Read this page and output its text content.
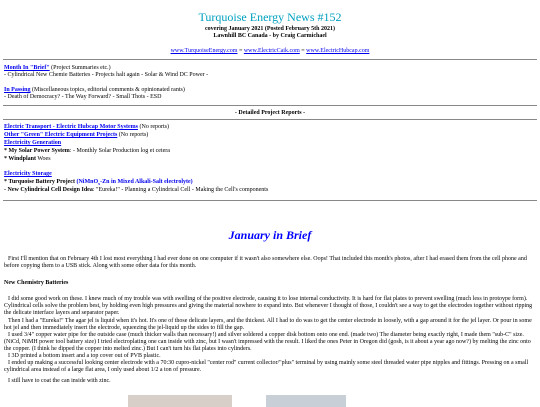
Turquoise Energy News #152
covering January 2021 (Posted February 5th 2021)
Lawnhill BC Canada - by Craig Carmichael
www.TurquoiseEnergy.com = www.ElectricCaik.com = www.ElectricHubcap.com
Month In "Brief" (Project Summaries etc.)
- Cylindrical New Chemie Batteries - Projects halt again - Solar & Wind DC Power -
In Passing (Miscellaneous topics, editorial comments & opinionated rants)
- Death of Democracy? - The Way Forward? - Small Thots - ESD
- Detailed Project Reports -
Electric Transport - Electric Hubcap Motor Systems (No reports)
Other "Green" Electric Equipment Projects (No reports)
Electricity Generation
* My Solar Power System: - Monthly Solar Production log et cetera
* Windplant Woes
Electricity Storage
* Turquoise Battery Project (NiMnO$_x$-Zn in Mixed Alkali-Salt electrolyte)
- New Cylindrical Cell Design Idea: "Eureka!" - Planning a Cylindrical Cell - Making the Cell's components
January in Brief
First I'll mention that on February 4th I lost most everything I had ever done on one computer if it wasn't also somewhere else. Oops! That included this month's photos, after I had erased them from the cell phone and before copying them to a USB stick. Along with some other data for this month.
New Chemistry Batteries
I did some good work on these. I knew much of my trouble was with swelling of the positive electrode, causing it to lose internal conductivity. It is hard for flat plates to prevent swelling (much less in protoype form). Cylindrical cells solve the problem best, by holding even high pressures and giving the material nowhere to expand into. But whenever I thought of those, I couldn't see a way to get the electrodes together without ripping the delicate interface layers and separator paper.
Then I had a "Eureka!" The agar jel is liquid when it's hot. It's one of those delicate layers, and the thickest. All I had to do was to get the center electrode in loosely, with a gap around it for the jel layer. Or pour in some hot jel and then immediately insert the electrode, squeezing the jel-liquid up the sides to fill the gap.
I used 3/4" copper water pipe for the outside case (much thicker walls than necessary!) and silver soldered a copper disk bottom onto one end. (made two) The diameter being exactly right, I made them "sub-C" size. (NiCd, NiMH power tool battery size) I tried electroplating one can inside with zinc, but I wasn't impressed with the result. I liked the ones Peter in Oregon did (gosh, is it about a year ago now?) by melting the zinc onto the copper. (I think he dipped the copper into melted zinc.) But I can't turn his flat plates into cylinders.
I 3D printed a bottom insert and a top cover out of PVB plastic.
I ended up making a successful looking center electrode with a 70:30 cupro-nickel "center rod" current collector/"plus" terminal by using mainly some steel threaded water pipe nipples and fittings. Pressing on a small cylindrical area instead of a large flat area, I only used about 1/2 a ton of pressure.
I still have to coat the can inside with zinc.
